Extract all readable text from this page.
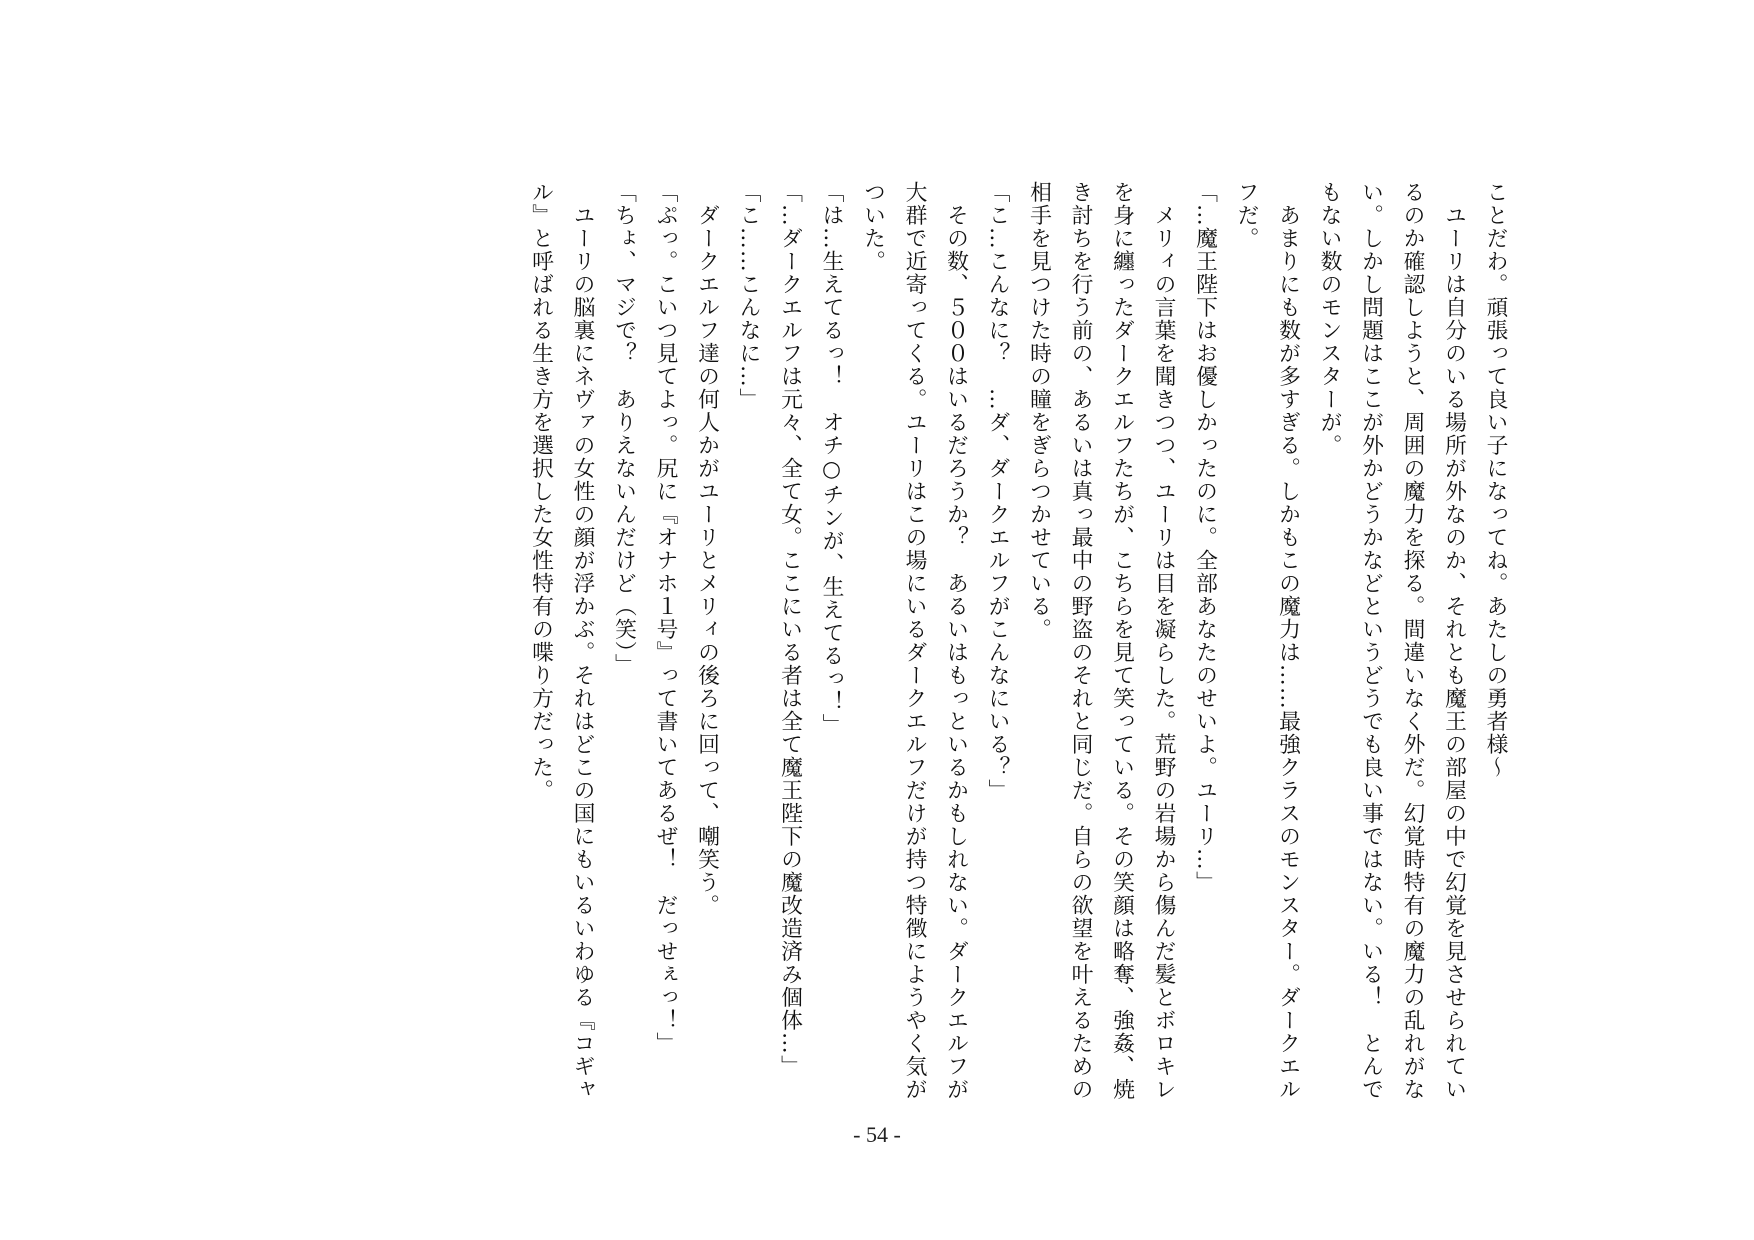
ことだわ。頑張って良い子になってね。あたしの勇者様～

　ユーリは自分のいる場所が外なのか、それとも魔王の部屋の中で幻覚を見させられてい

るのか確認しようと、周囲の魔力を探る。間違いなく外だ。幻覚時特有の魔力の乱れがな

い。しかし問題はここが外かどうかなどというどうでも良い事ではない。いる！　とんで

もない数のモンスターが。

　あまりにも数が多すぎる。しかもこの魔力は……最強クラスのモンスター。ダークエル

フだ。

「…魔王陛下はお優しかったのに。全部あなたのせいよ。ユーリ…」

　メリィの言葉を聞きつつ、ユーリは目を凝らした。荒野の岩場から傷んだ髪とボロキレ

を身に纏ったダークエルフたちが、こちらを見て笑っている。その笑顔は略奪、強姦、焼

き討ちを行う前の、あるいは真っ最中の野盗のそれと同じだ。自らの欲望を叶えるための

相手を見つけた時の瞳をぎらつかせている。

「こ…こんなに？　…ダ、ダークエルフがこんなにいる？」

　その数、５００はいるだろうか？　あるいはもっといるかもしれない。ダークエルフが

大群で近寄ってくる。ユーリはこの場にいるダークエルフだけが持つ特徴にようやく気が

ついた。

「は…生えてるっ！　オチ○チンが、生えてるっ！」

「…ダークエルフは元々、全て女。ここにいる者は全て魔王陛下の魔改造済み個体…」

「こ……こんなに…」

　ダークエルフ達の何人かがユーリとメリィの後ろに回って、嘲笑う。

「ぷっ。こいつ見てよっ。尻に『オナホ１号』って書いてあるぜ！　だっせぇっ！」

「ちょ、マジで？　ありえないんだけど（笑）」

　ユーリの脳裏にネヴァの女性の顔が浮かぶ。それはどこの国にもいるいわゆる『コギャ

ル』と呼ばれる生き方を選択した女性特有の喋り方だった。

- 54 -
